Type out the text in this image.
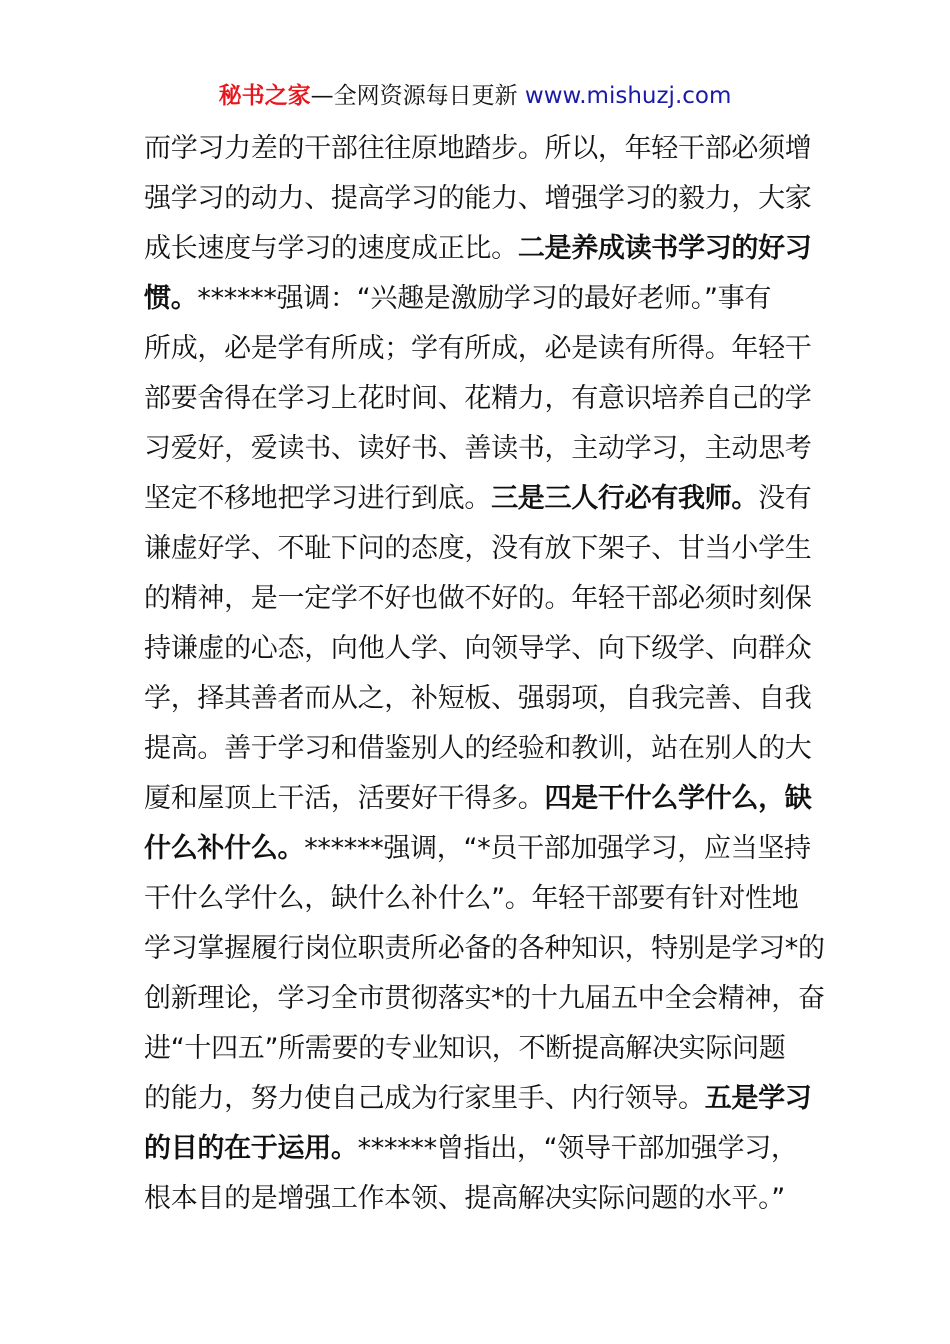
秘书之家—全网资源每日更新 www.mishuzj.com
而学习力差的干部往往原地踏步。所以，年轻干部必须增
强学习的动力、提高学习的能力、增强学习的毅力，大家
成长速度与学习的速度成正比。二是养成读书学习的好习
惯。******强调：“兴趣是激励学习的最好老师。”事有
所成，必是学有所成；学有所成，必是读有所得。年轻干
部要舍得在学习上花时间、花精力，有意识培养自己的学
习爱好，爱读书、读好书、善读书，主动学习，主动思考
坚定不移地把学习进行到底。三是三人行必有我师。没有
谦虚好学、不耻下问的态度，没有放下架子、甘当小学生
的精神，是一定学不好也做不好的。年轻干部必须时刻保
持谦虚的心态，向他人学、向领导学、向下级学、向群众
学，择其善者而从之，补短板、强弱项，自我完善、自我
提高。善于学习和借鉴别人的经验和教训，站在别人的大
厦和屋顶上干活，活要好干得多。四是干什么学什么，缺
什么补什么。******强调，“*员干部加强学习，应当坚持
干什么学什么，缺什么补什么”。年轻干部要有针对性地
学习掌握履行岗位职责所必备的各种知识，特别是学习*的
创新理论，学习全市贯彻落实*的十九届五中全会精神，奋
进“十四五”所需要的专业知识，不断提高解决实际问题
的能力，努力使自己成为行家里手、内行领导。五是学习
的目的在于运用。******曾指出，“领导干部加强学习，
根本目的是增强工作本领、提高解决实际问题的水平。”
